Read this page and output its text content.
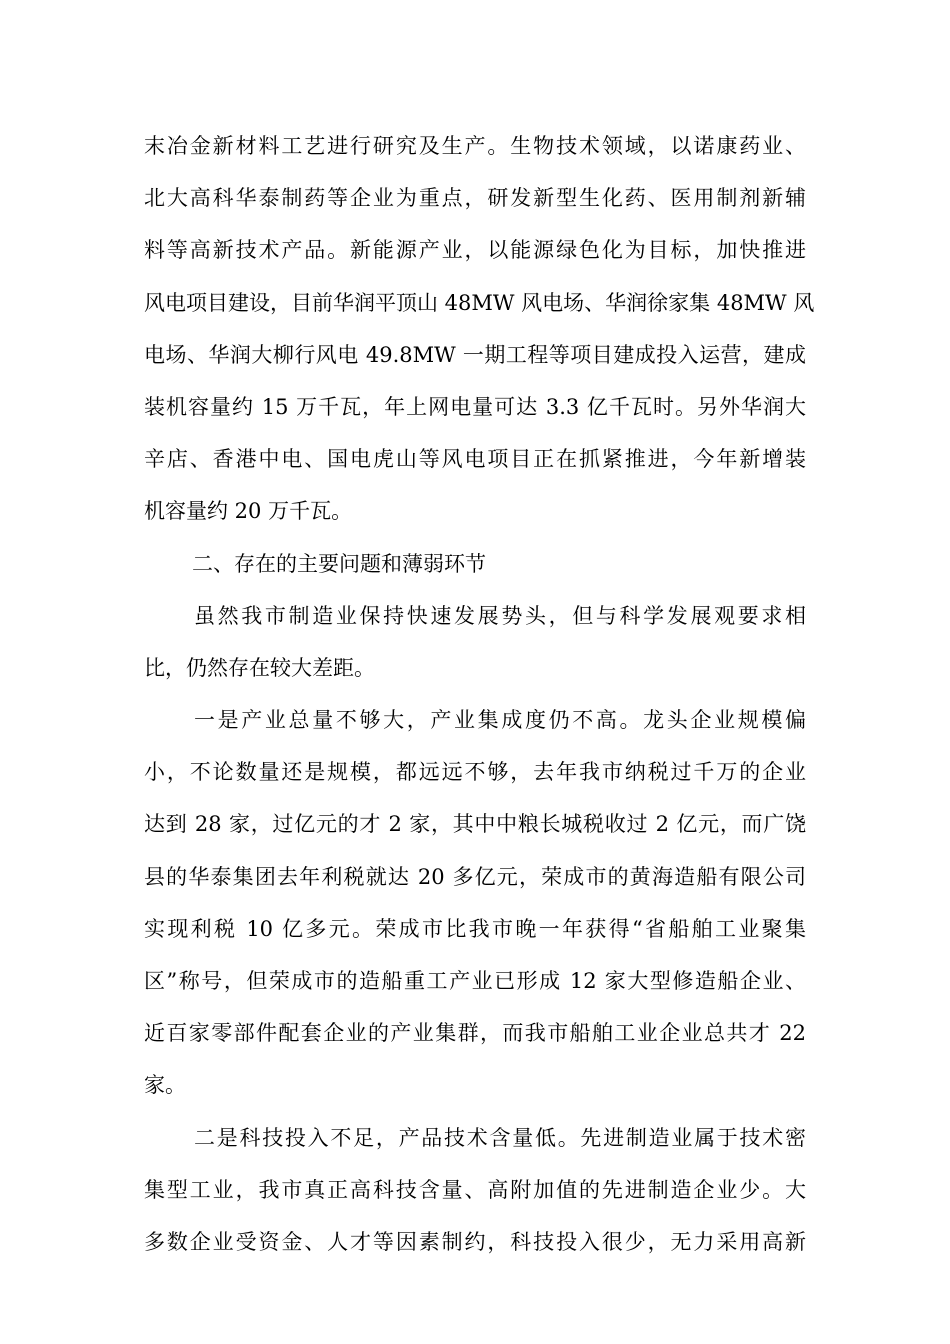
末冶金新材料工艺进行研究及生产。生物技术领域，以诺康药业、
北大高科华泰制药等企业为重点，研发新型生化药、医用制剂新辅
料等高新技术产品。新能源产业，以能源绿色化为目标，加快推进
风电项目建设，目前华润平顶山 48MW 风电场、华润徐家集 48MW 风
电场、华润大柳行风电 49.8MW 一期工程等项目建成投入运营，建成
装机容量约 15 万千瓦，年上网电量可达 3.3 亿千瓦时。另外华润大
辛店、香港中电、国电虎山等风电项目正在抓紧推进，今年新增装
机容量约 20 万千瓦。
二、存在的主要问题和薄弱环节
虽然我市制造业保持快速发展势头，但与科学发展观要求相
比，仍然存在较大差距。
一是产业总量不够大，产业集成度仍不高。龙头企业规模偏
小，不论数量还是规模，都远远不够，去年我市纳税过千万的企业
达到 28 家，过亿元的才 2 家，其中中粮长城税收过 2 亿元，而广饶
县的华泰集团去年利税就达 20 多亿元，荣成市的黄海造船有限公司
实现利税 10 亿多元。荣成市比我市晚一年获得“省船舶工业聚集
区”称号，但荣成市的造船重工产业已形成 12 家大型修造船企业、
近百家零部件配套企业的产业集群，而我市船舶工业企业总共才 22
家。
二是科技投入不足，产品技术含量低。先进制造业属于技术密
集型工业，我市真正高科技含量、高附加值的先进制造企业少。大
多数企业受资金、人才等因素制约，科技投入很少，无力采用高新
